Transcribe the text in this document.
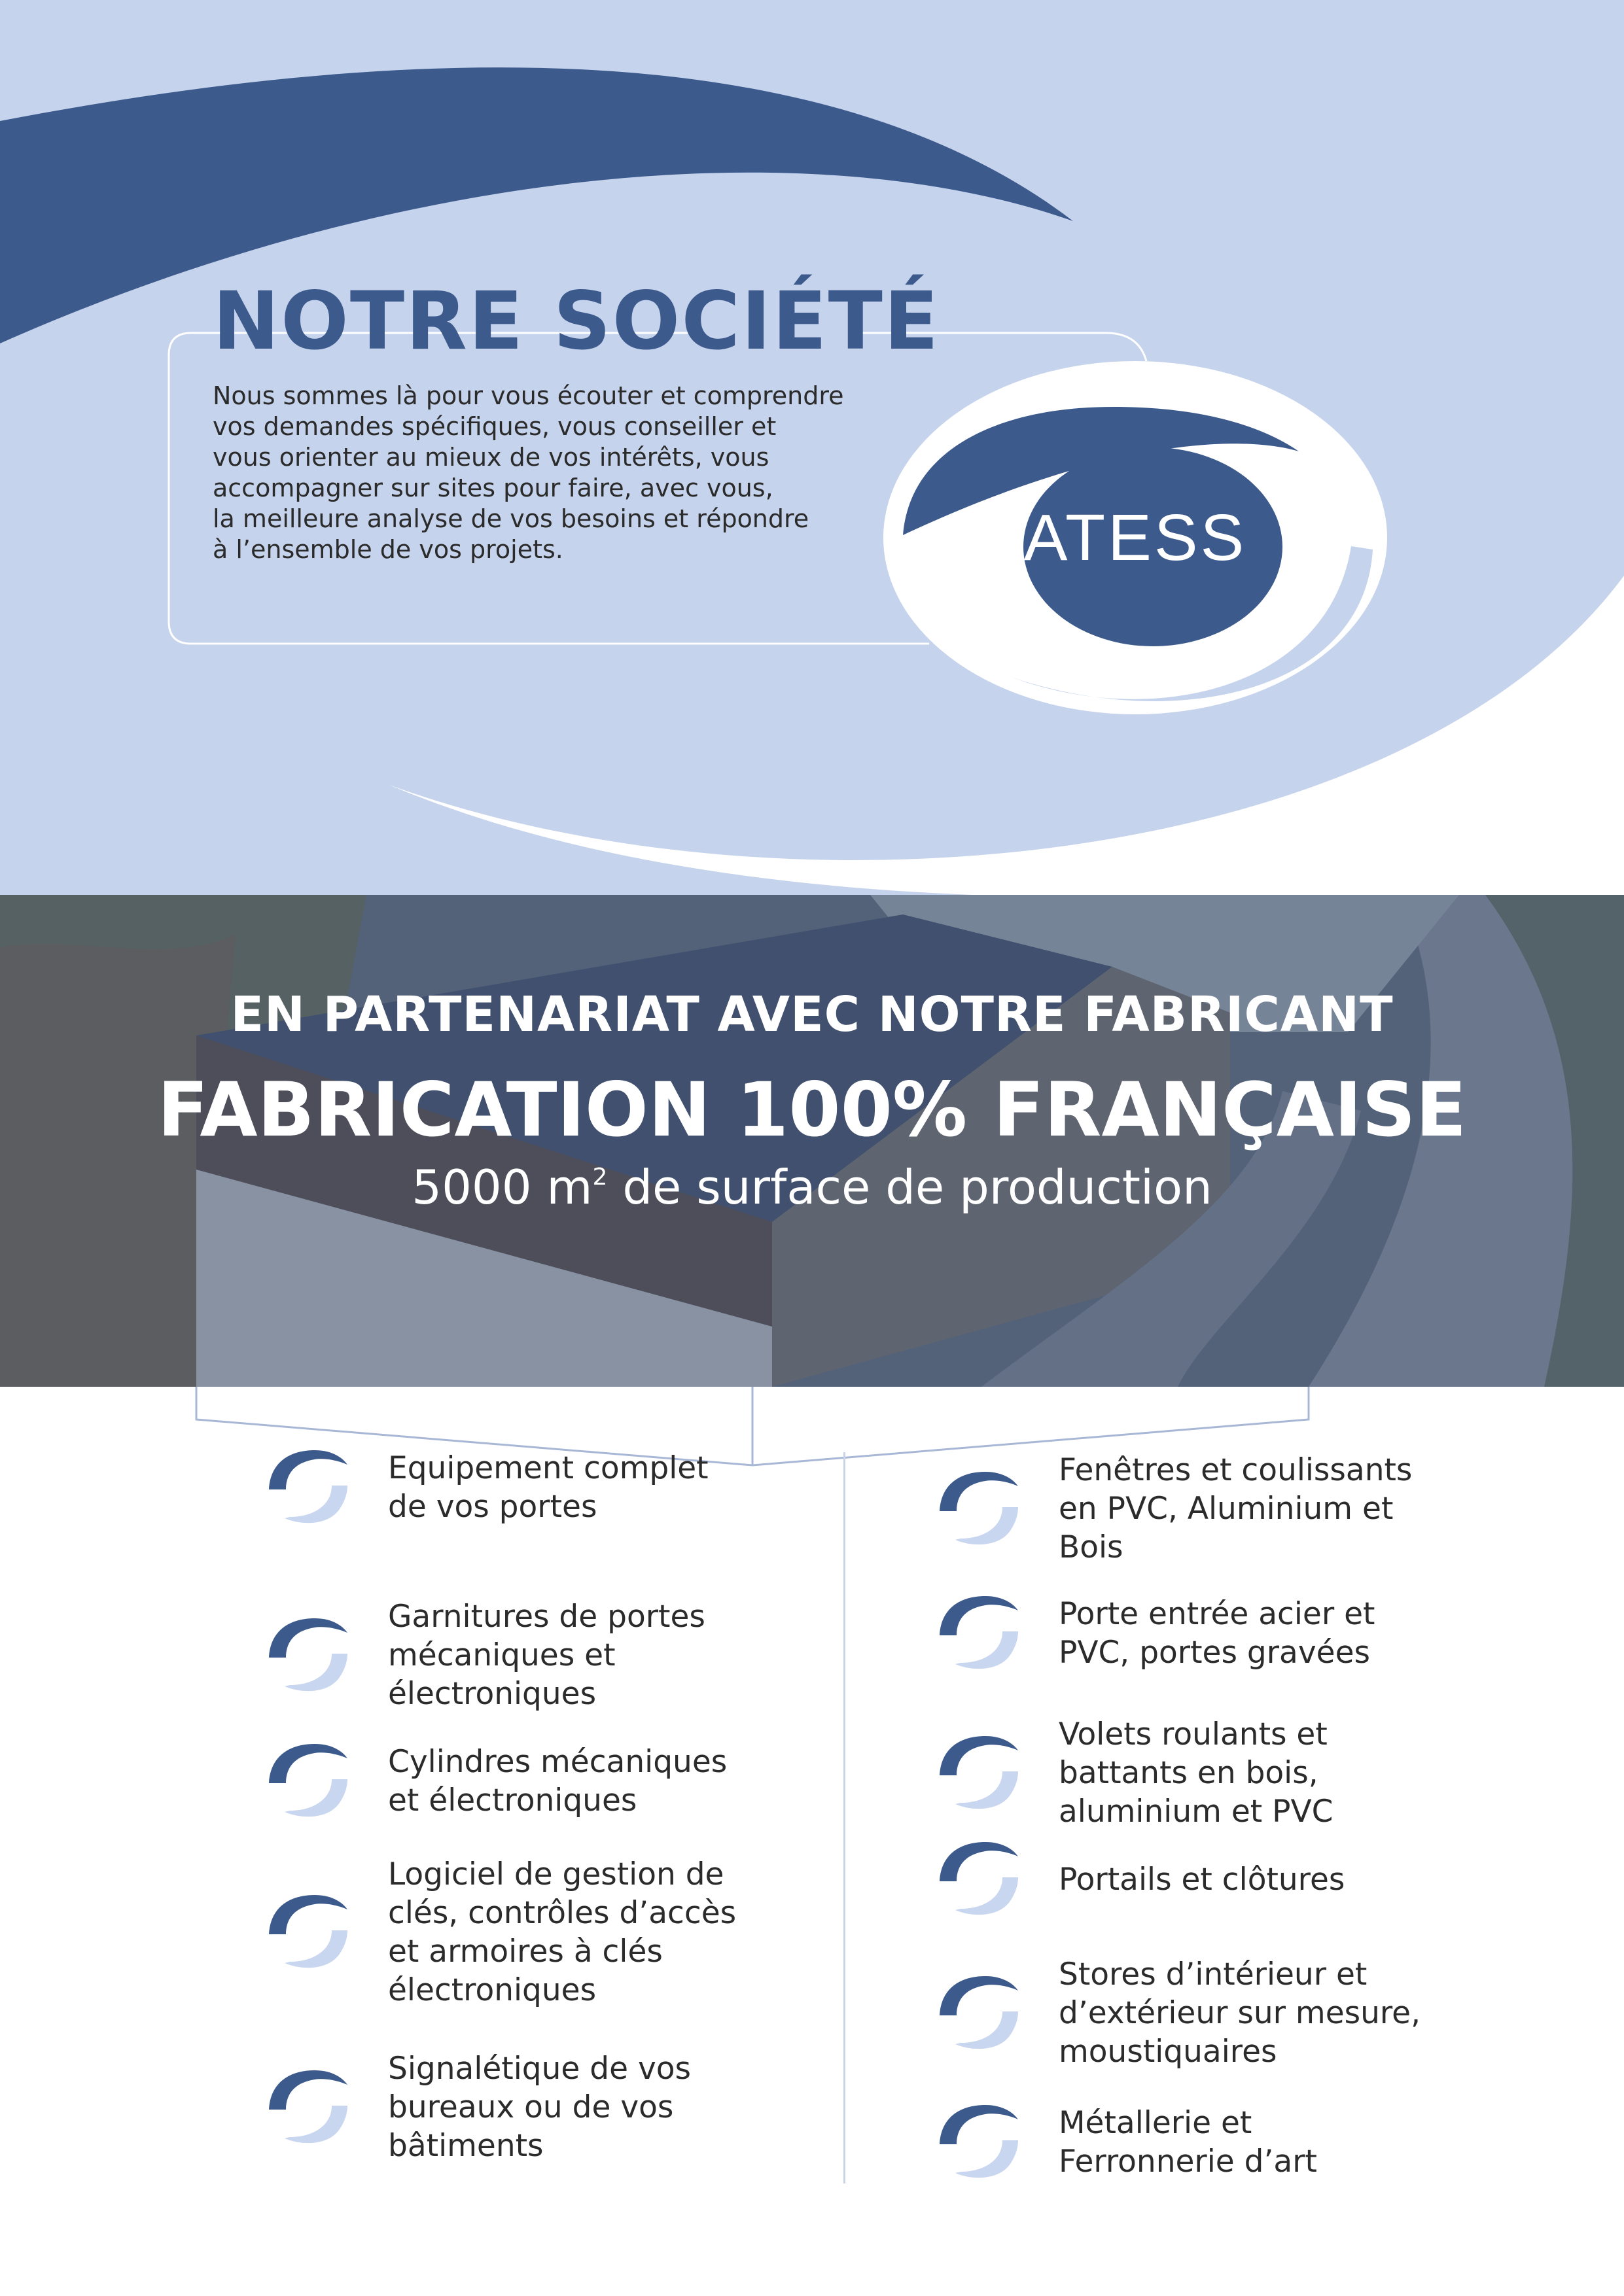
NOTRE SOCIÉTÉ

Nous sommes là pour vous écouter et comprendre
vos demandes spécifiques, vous conseiller et
vous orienter au mieux de vos intérêts, vous
accompagner sur sites pour faire, avec vous,
la meilleure analyse de vos besoins et répondre
à l’ensemble de vos projets.	ATESS
EN PARTENARIAT AVEC NOTRE FABRICANT
FABRICATION 100% FRANÇAISE
5000 $m^2$ de surface de production

Equipement complet
de vos portes

Garnitures de portes
mécaniques et
électroniques

Cylindres mécaniques
et électroniques

Logiciel de gestion de
clés, contrôles d’accès
et armoires à clés
électroniques

Signalétique de vos
bureaux ou de vos
bâtiments

Fenêtres et coulissants
en PVC, Aluminium et
Bois

Porte entrée acier et
PVC, portes gravées

Volets roulants et
battants en bois,
aluminium et PVC

Portails et clôtures

Stores d’intérieur et
d’extérieur sur mesure,
moustiquaires

Métallerie et
Ferronnerie d’art
